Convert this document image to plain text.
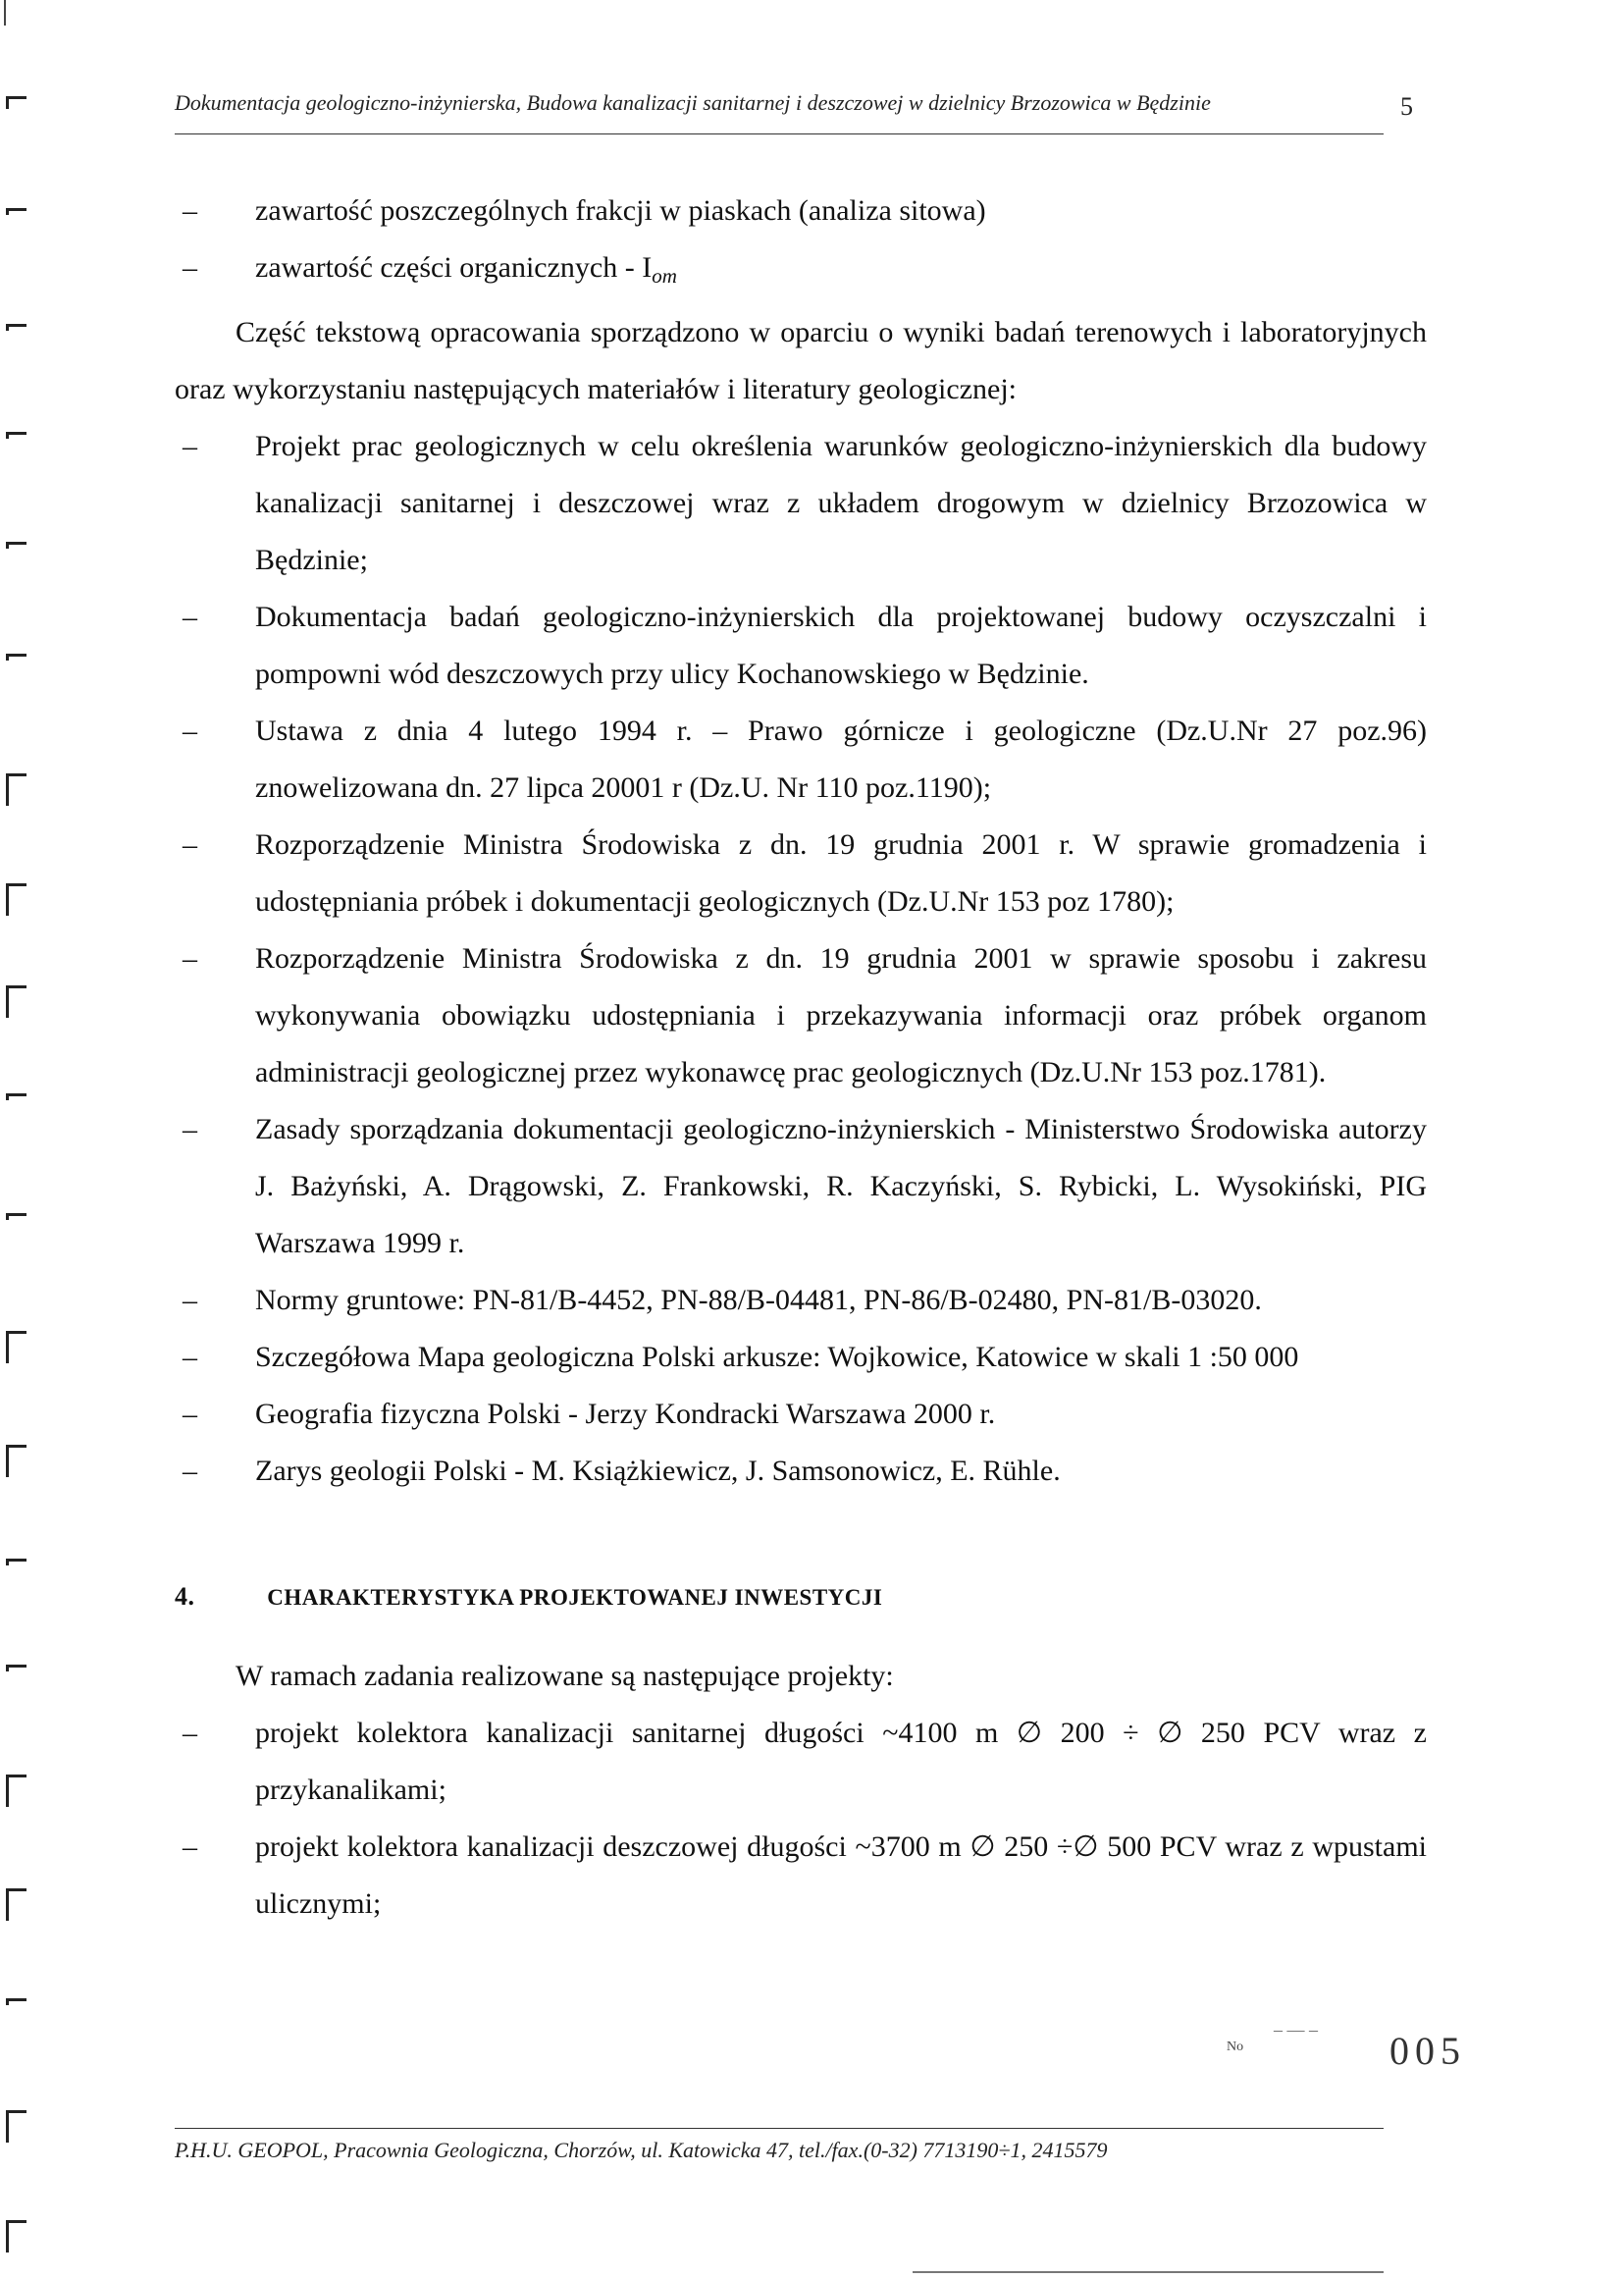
Dokumentacja geologiczno-inżynierska, Budowa kanalizacji sanitarnej i deszczowej w dzielnicy Brzozowica w Będzinie	5
– zawartość poszczególnych frakcji w piaskach (analiza sitowa)
– zawartość części organicznych - $I_{om}$
Część tekstową opracowania sporządzono w oparciu o wyniki badań terenowych i laboratoryjnych oraz wykorzystaniu następujących materiałów i literatury geologicznej:
– Projekt prac geologicznych w celu określenia warunków geologiczno-inżynierskich dla budowy kanalizacji sanitarnej i deszczowej wraz z układem drogowym w dzielnicy Brzozowica w Będzinie;
– Dokumentacja badań geologiczno-inżynierskich dla projektowanej budowy oczyszczalni i pompowni wód deszczowych przy ulicy Kochanowskiego w Będzinie.
– Ustawa z dnia 4 lutego 1994 r. – Prawo górnicze i geologiczne (Dz.U.Nr 27 poz.96) znowelizowana dn. 27 lipca 20001 r (Dz.U. Nr 110 poz.1190);
– Rozporządzenie Ministra Środowiska z dn. 19 grudnia 2001 r. W sprawie gromadzenia i udostępniania próbek i dokumentacji geologicznych (Dz.U.Nr 153 poz 1780);
– Rozporządzenie Ministra Środowiska z dn. 19 grudnia 2001 w sprawie sposobu i zakresu wykonywania obowiązku udostępniania i przekazywania informacji oraz próbek organom administracji geologicznej przez wykonawcę prac geologicznych (Dz.U.Nr 153 poz.1781).
– Zasady sporządzania dokumentacji geologiczno-inżynierskich - Ministerstwo Środowiska autorzy J. Bażyński, A. Drągowski, Z. Frankowski, R. Kaczyński, S. Rybicki, L. Wysokiński, PIG Warszawa 1999 r.
– Normy gruntowe: PN-81/B-4452, PN-88/B-04481, PN-86/B-02480, PN-81/B-03020.
– Szczegółowa Mapa geologiczna Polski arkusze: Wojkowice, Katowice w skali 1 :50 000
– Geografia fizyczna Polski - Jerzy Kondracki Warszawa 2000 r.
– Zarys geologii Polski - M. Książkiewicz, J. Samsonowicz, E. Rühle.
4.	CHARAKTERYSTYKA PROJEKTOWANEJ INWESTYCJI
W ramach zadania realizowane są następujące projekty:
– projekt kolektora kanalizacji sanitarnej długości ~4100 m ∅ 200 ÷ ∅ 250 PCV wraz z przykanalikami;
– projekt kolektora kanalizacji deszczowej długości ~3700 m ∅ 250 ÷∅ 500 PCV wraz z wpustami ulicznymi;
– — –
No	005
P.H.U. GEOPOL, Pracownia Geologiczna, Chorzów, ul. Katowicka 47, tel./fax.(0-32) 7713190÷1, 2415579
